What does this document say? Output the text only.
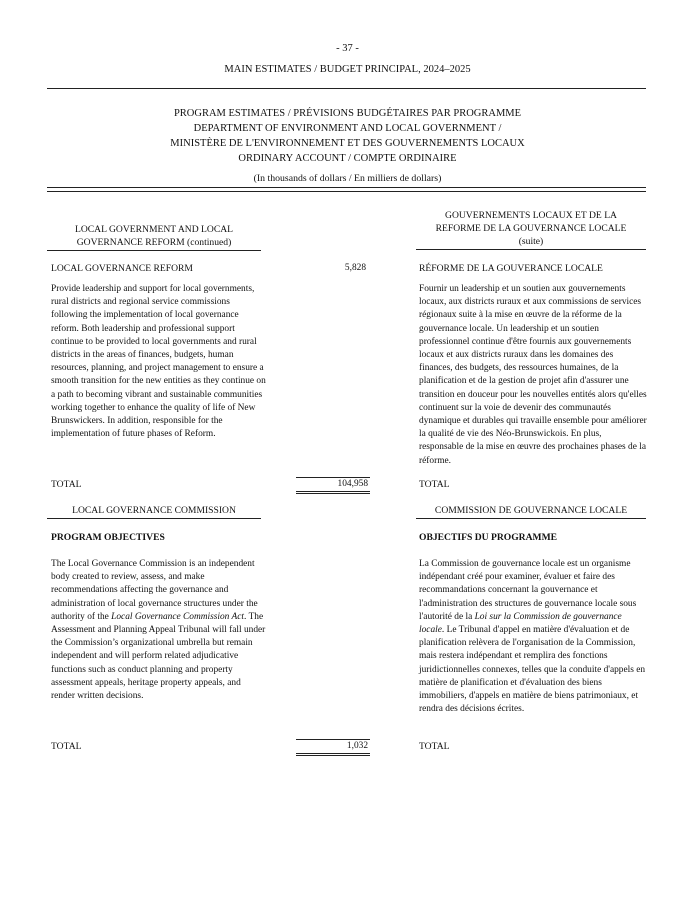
- 37 -
MAIN ESTIMATES / BUDGET PRINCIPAL, 2024–2025
PROGRAM ESTIMATES / PRÉVISIONS BUDGÉTAIRES PAR PROGRAMME
DEPARTMENT OF ENVIRONMENT AND LOCAL GOVERNMENT /
MINISTÈRE DE L'ENVIRONNEMENT ET DES GOUVERNEMENTS LOCAUX
ORDINARY ACCOUNT / COMPTE ORDINAIRE
(In thousands of dollars / En milliers de dollars)
LOCAL GOVERNMENT AND LOCAL
GOVERNANCE REFORM (continued)
GOUVERNEMENTS LOCAUX ET DE LA
REFORME DE LA GOUVERNANCE LOCALE
(suite)
LOCAL GOVERNANCE REFORM	5,828	RÉFORME DE LA GOUVERANCE LOCALE
Provide leadership and support for local governments, rural districts and regional service commissions following the implementation of local governance reform. Both leadership and professional support continue to be provided to local governments and rural districts in the areas of finances, budgets, human resources, planning, and project management to ensure a smooth transition for the new entities as they continue on a path to becoming vibrant and sustainable communities working together to enhance the quality of life of New Brunswickers. In addition, responsible for the implementation of future phases of Reform.
Fournir un leadership et un soutien aux gouvernements locaux, aux districts ruraux et aux commissions de services régionaux suite à la mise en œuvre de la réforme de la gouvernance locale. Un leadership et un soutien professionnel continue d'être fournis aux gouvernements locaux et aux districts ruraux dans les domaines des finances, des budgets, des ressources humaines, de la planification et de la gestion de projet afin d'assurer une transition en douceur pour les nouvelles entités alors qu'elles continuent sur la voie de devenir des communautés dynamique et durables qui travaille ensemble pour améliorer la qualité de vie des Néo-Brunswickois. En plus, responsable de la mise en œuvre des prochaines phases de la réforme.
TOTAL	104,958	TOTAL
LOCAL GOVERNANCE COMMISSION	COMMISSION DE GOUVERNANCE LOCALE
PROGRAM OBJECTIVES	OBJECTIFS DU PROGRAMME
The Local Governance Commission is an independent body created to review, assess, and make recommendations affecting the governance and administration of local governance structures under the authority of the Local Governance Commission Act. The Assessment and Planning Appeal Tribunal will fall under the Commission’s organizational umbrella but remain independent and will perform related adjudicative functions such as conduct planning and property assessment appeals, heritage property appeals, and render written decisions.
La Commission de gouvernance locale est un organisme indépendant créé pour examiner, évaluer et faire des recommandations concernant la gouvernance et l'administration des structures de gouvernance locale sous l'autorité de la Loi sur la Commission de gouvernance locale. Le Tribunal d'appel en matière d'évaluation et de planification relèvera de l'organisation de la Commission, mais restera indépendant et remplira des fonctions juridictionnelles connexes, telles que la conduite d'appels en matière de planification et d'évaluation des biens immobiliers, d'appels en matière de biens patrimoniaux, et rendra des décisions écrites.
TOTAL	1,032	TOTAL
